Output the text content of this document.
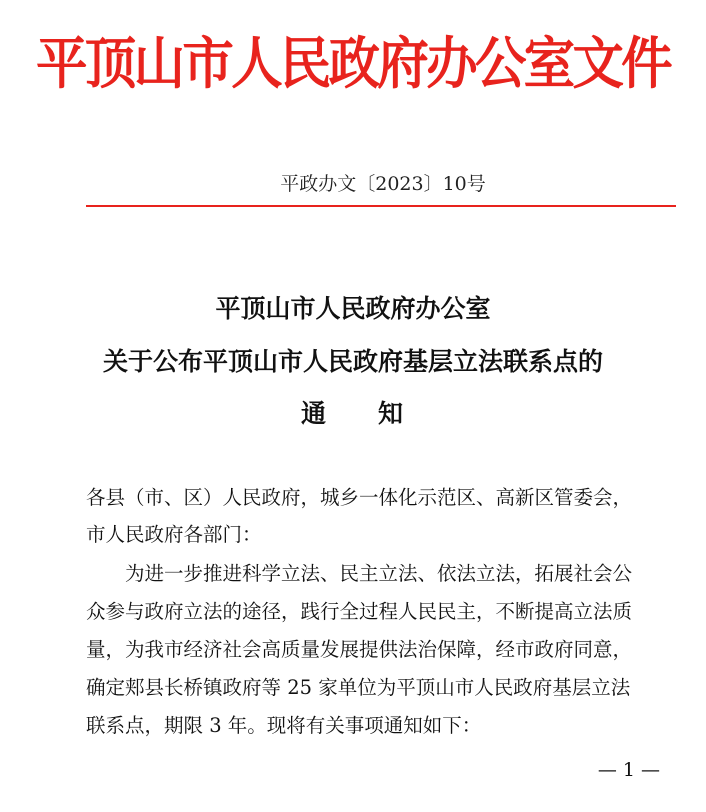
平顶山市人民政府办公室文件
平政办文〔2023〕10号
平顶山市人民政府办公室
关于公布平顶山市人民政府基层立法联系点的
通 知
各县（市、区）人民政府，城乡一体化示范区、高新区管委会，
市人民政府各部门：
为进一步推进科学立法、民主立法、依法立法，拓展社会公
众参与政府立法的途径，践行全过程人民民主，不断提高立法质
量，为我市经济社会高质量发展提供法治保障，经市政府同意，
确定郏县长桥镇政府等 25 家单位为平顶山市人民政府基层立法
联系点，期限 3 年。现将有关事项通知如下：
— 1 —
